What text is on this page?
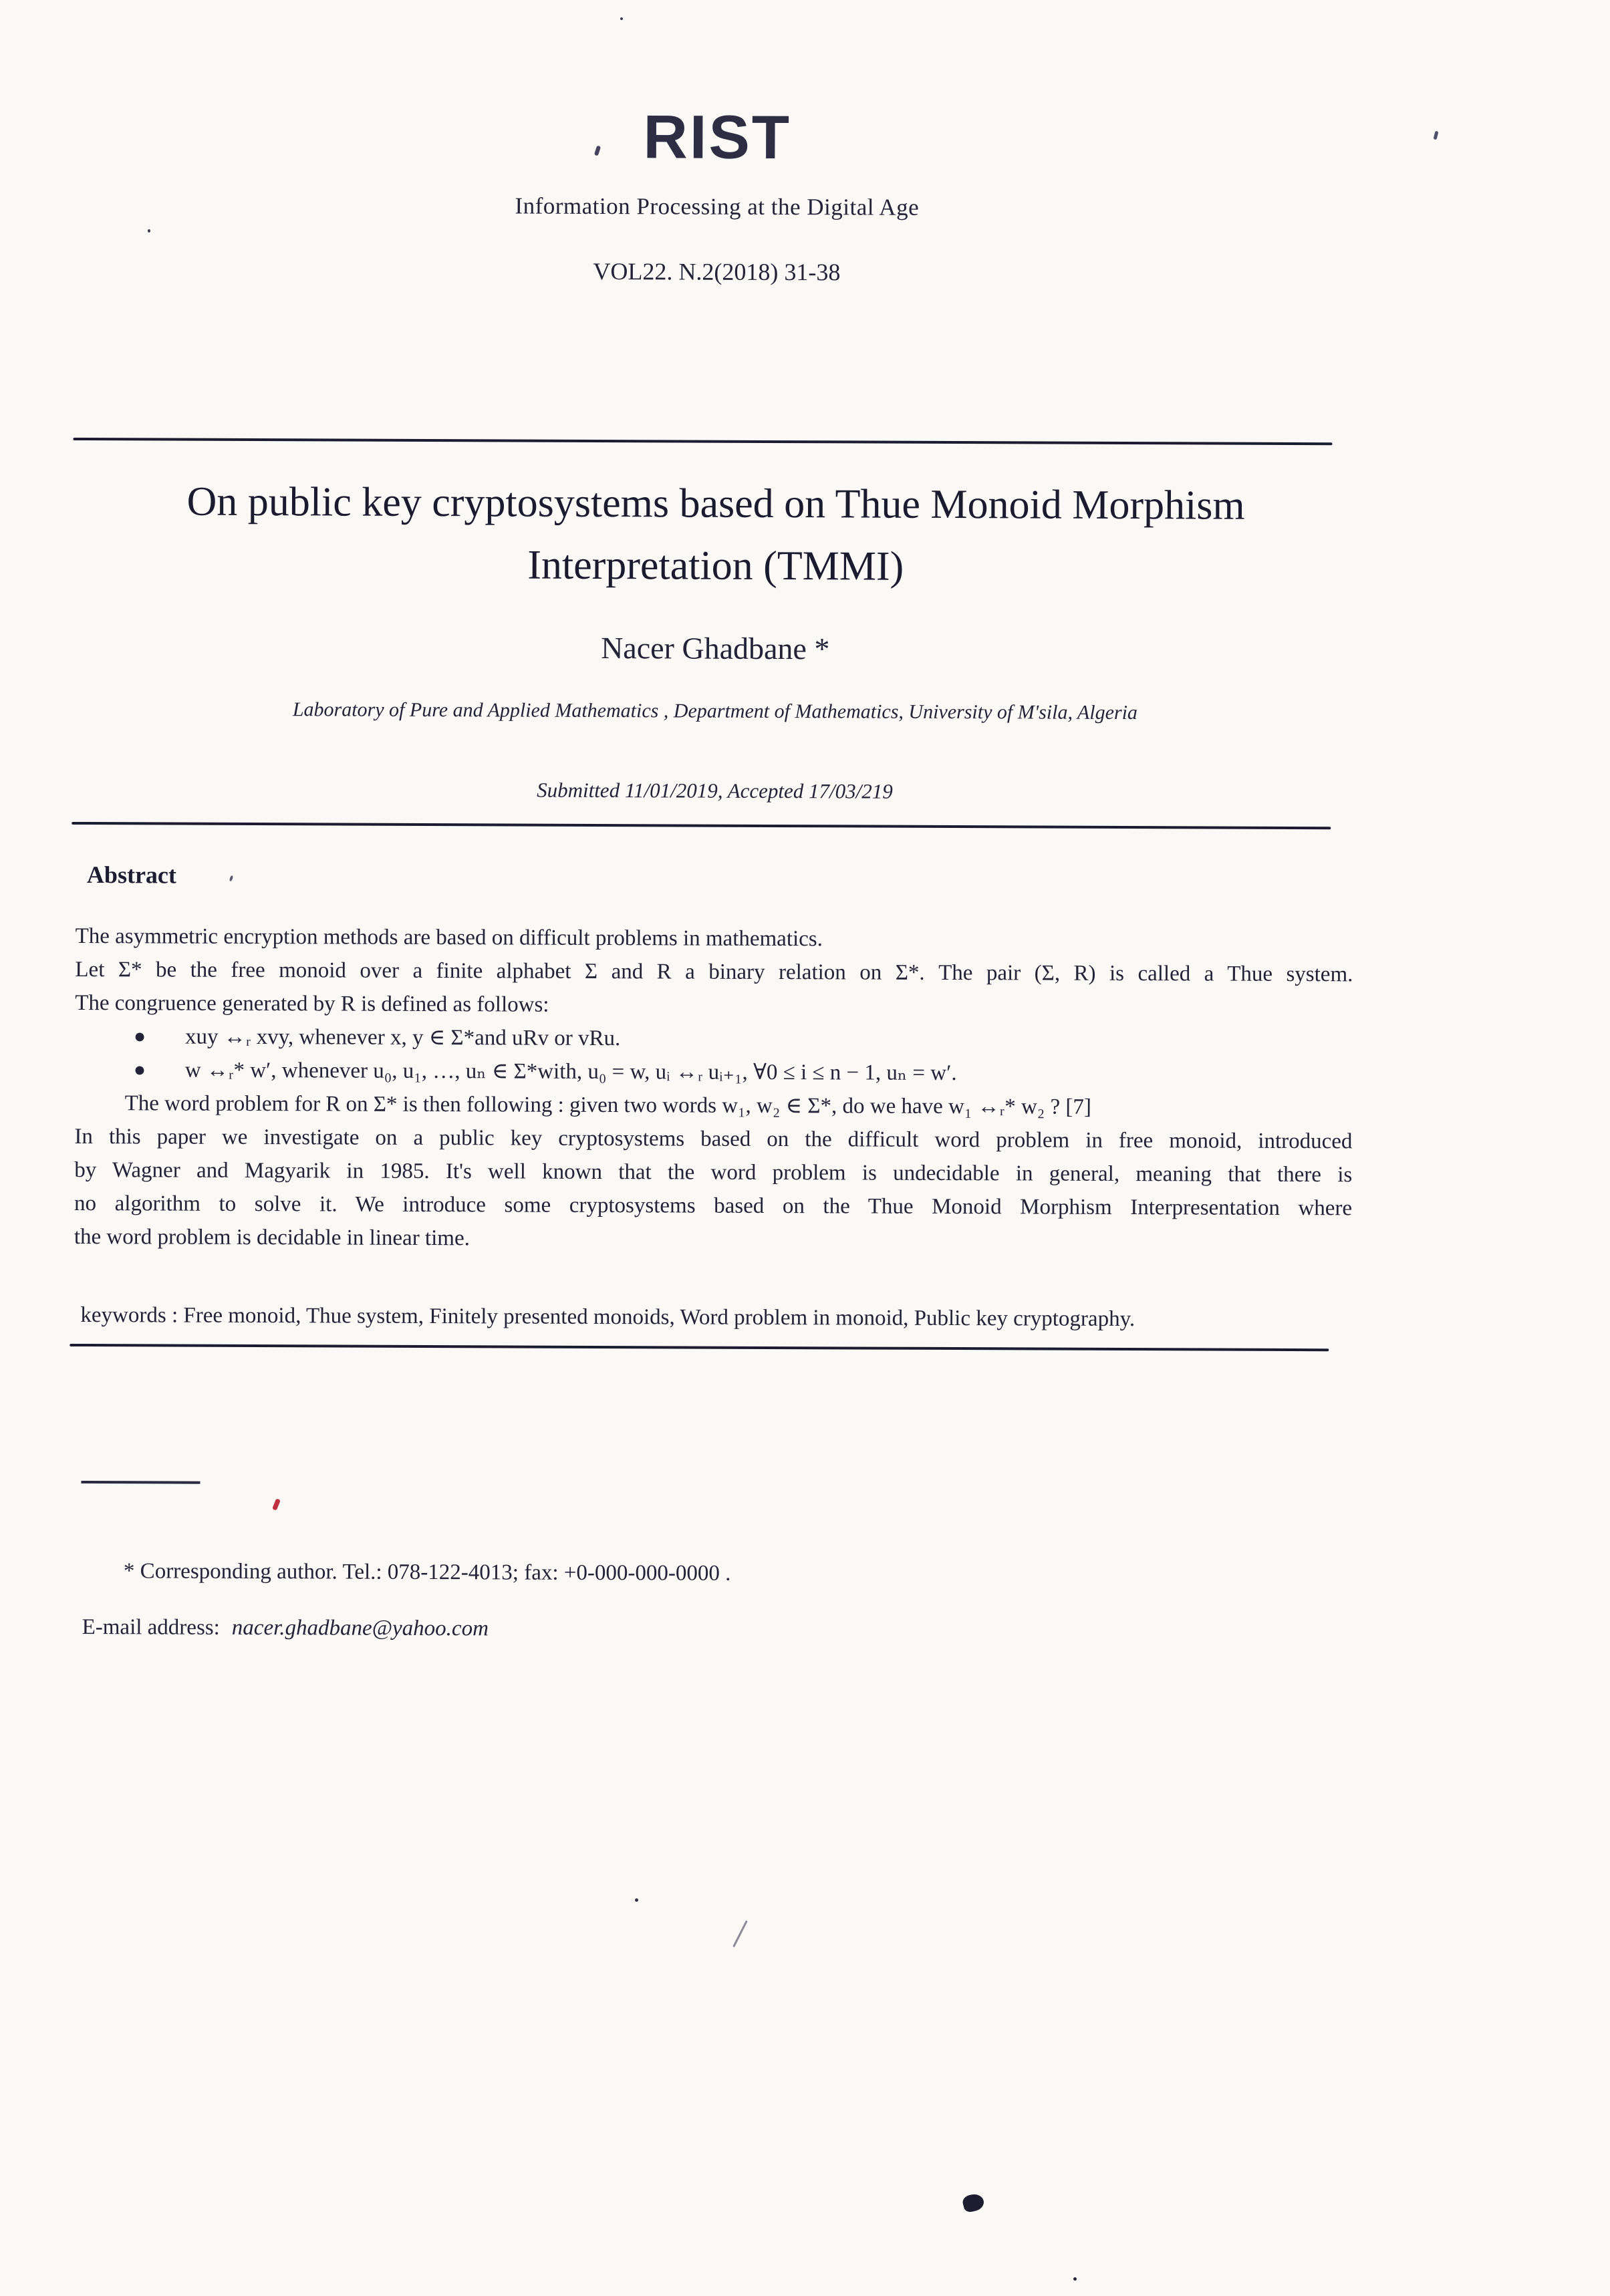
RIST
Information Processing at the Digital Age
VOL22. N.2(2018) 31-38
On public key cryptosystems based on Thue Monoid Morphism
Interpretation (TMMI)
Nacer Ghadbane *
Laboratory of Pure and Applied Mathematics , Department of Mathematics, University of M'sila, Algeria
Submitted 11/01/2019, Accepted 17/03/219
Abstract
The asymmetric encryption methods are based on difficult problems in mathematics.
Let Σ* be the free monoid over a finite alphabet Σ and R a binary relation on Σ*. The pair (Σ, R) is called a Thue system.
The congruence generated by R is defined as follows:
● xuy ↔ᵣ xvy, whenever x, y ∈ Σ*and uRv or vRu.
● w ↔ᵣ* w′, whenever u₀, u₁, …, uₙ ∈ Σ*with, u₀ = w, uᵢ ↔ᵣ uᵢ₊₁, ∀0 ≤ i ≤ n − 1, uₙ = w′.
The word problem for R on Σ* is then following : given two words w₁, w₂ ∈ Σ*, do we have w₁ ↔ᵣ* w₂ ? [7]
In this paper we investigate on a public key cryptosystems based on the difficult word problem in free monoid, introduced
by Wagner and Magyarik in 1985. It's well known that the word problem is undecidable in general, meaning that there is
no algorithm to solve it. We introduce some cryptosystems based on the Thue Monoid Morphism Interpresentation where
the word problem is decidable in linear time.
keywords : Free monoid, Thue system, Finitely presented monoids, Word problem in monoid, Public key cryptography.
* Corresponding author. Tel.: 078-122-4013; fax: +0-000-000-0000 .
E-mail address: nacer.ghadbane@yahoo.com
